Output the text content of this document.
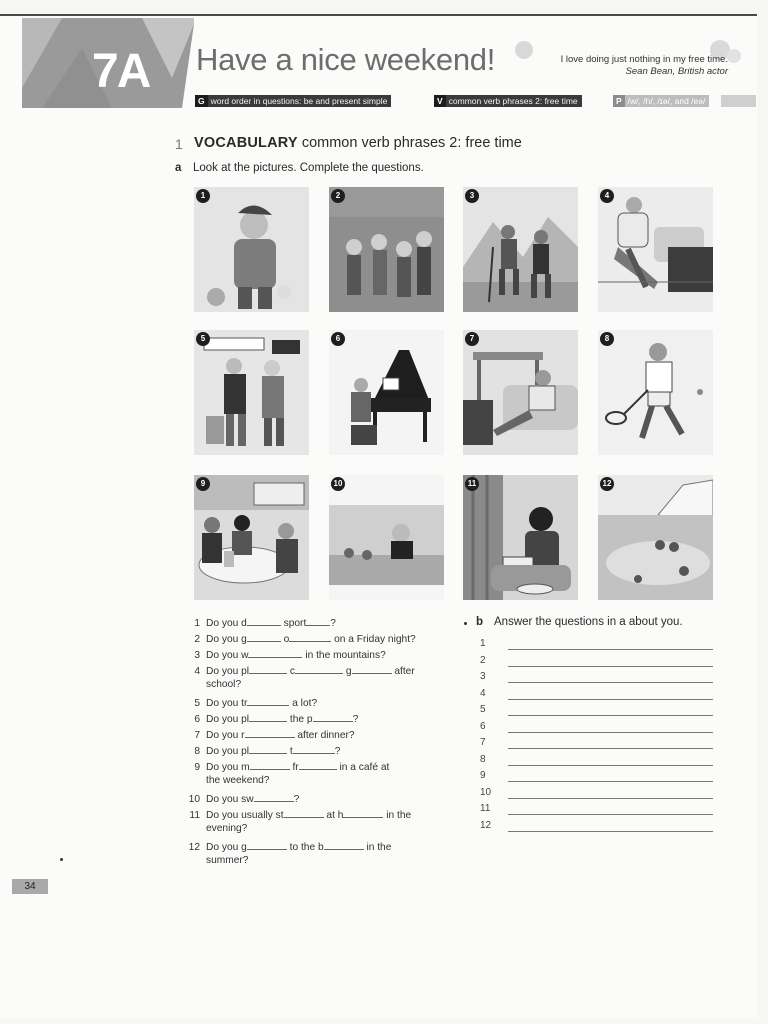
7A Have a nice weekend!	I love doing just nothing in my free time.
Sean Bean, British actor
G word order in questions: be and present simple	V common verb phrases 2: free time	P /w/, /h/, /ɪə/, and /eə/
1 VOCABULARY common verb phrases 2: free time
a Look at the pictures. Complete the questions.
1	2	3	4
5	6	7	8
9	10	11	12
1 Do you d	sport ?
2 Do you g	o	on a Friday night?
3 Do you w	in the mountains?
4 Do you pl	c	g	after
school?
5 Do you tr	a lot?
6 Do you pl	the p	?
7 Do you r	after dinner?
8 Do you pl	t	?
9 Do you m	fr	in a café at
the weekend?
10 Do you sw	?
11 Do you usually st	at h	in the
evening?
12 Do you g	to the b	in the
summer?
b Answer the questions in a about you.
1
2
3
4
5
6
7
8
9
10
11
12
34
